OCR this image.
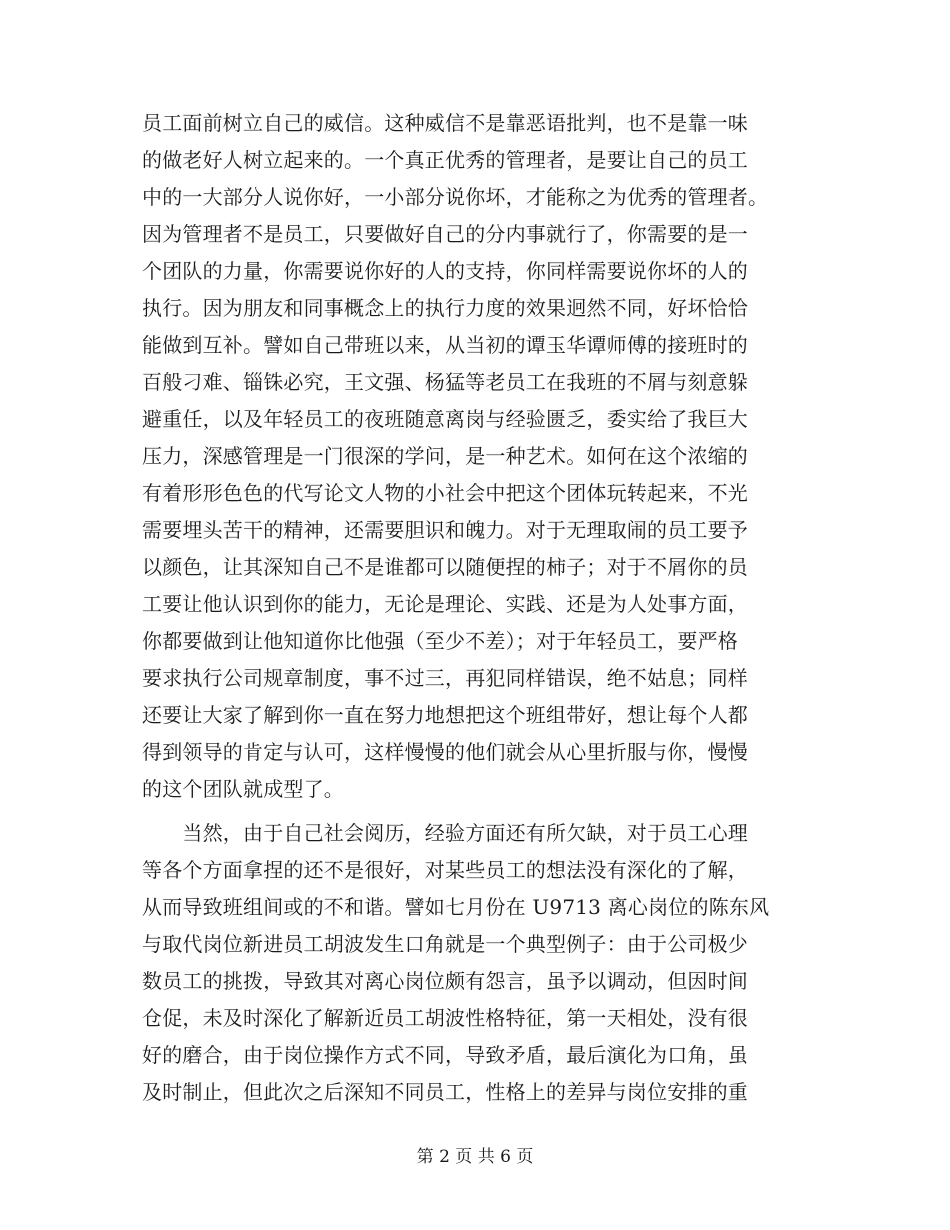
员工面前树立自己的威信。这种威信不是靠恶语批判，也不是靠一味
的做老好人树立起来的。一个真正优秀的管理者，是要让自己的员工
中的一大部分人说你好，一小部分说你坏，才能称之为优秀的管理者。
因为管理者不是员工，只要做好自己的分内事就行了，你需要的是一
个团队的力量，你需要说你好的人的支持，你同样需要说你坏的人的
执行。因为朋友和同事概念上的执行力度的效果迥然不同，好坏恰恰
能做到互补。譬如自己带班以来，从当初的谭玉华谭师傅的接班时的
百般刁难、锱铢必究，王文强、杨猛等老员工在我班的不屑与刻意躲
避重任，以及年轻员工的夜班随意离岗与经验匮乏，委实给了我巨大
压力，深感管理是一门很深的学问，是一种艺术。如何在这个浓缩的
有着形形色色的代写论文人物的小社会中把这个团体玩转起来，不光
需要埋头苦干的精神，还需要胆识和魄力。对于无理取闹的员工要予
以颜色，让其深知自己不是谁都可以随便捏的柿子；对于不屑你的员
工要让他认识到你的能力，无论是理论、实践、还是为人处事方面，
你都要做到让他知道你比他强（至少不差）；对于年轻员工，要严格
要求执行公司规章制度，事不过三，再犯同样错误，绝不姑息；同样
还要让大家了解到你一直在努力地想把这个班组带好，想让每个人都
得到领导的肯定与认可，这样慢慢的他们就会从心里折服与你，慢慢
的这个团队就成型了。
　　当然，由于自己社会阅历，经验方面还有所欠缺，对于员工心理
等各个方面拿捏的还不是很好，对某些员工的想法没有深化的了解，
从而导致班组间或的不和谐。譬如七月份在 U9713 离心岗位的陈东风
与取代岗位新进员工胡波发生口角就是一个典型例子：由于公司极少
数员工的挑拨，导致其对离心岗位颇有怨言，虽予以调动，但因时间
仓促，未及时深化了解新近员工胡波性格特征，第一天相处，没有很
好的磨合，由于岗位操作方式不同，导致矛盾，最后演化为口角，虽
及时制止，但此次之后深知不同员工，性格上的差异与岗位安排的重
第 2 页 共 6 页
